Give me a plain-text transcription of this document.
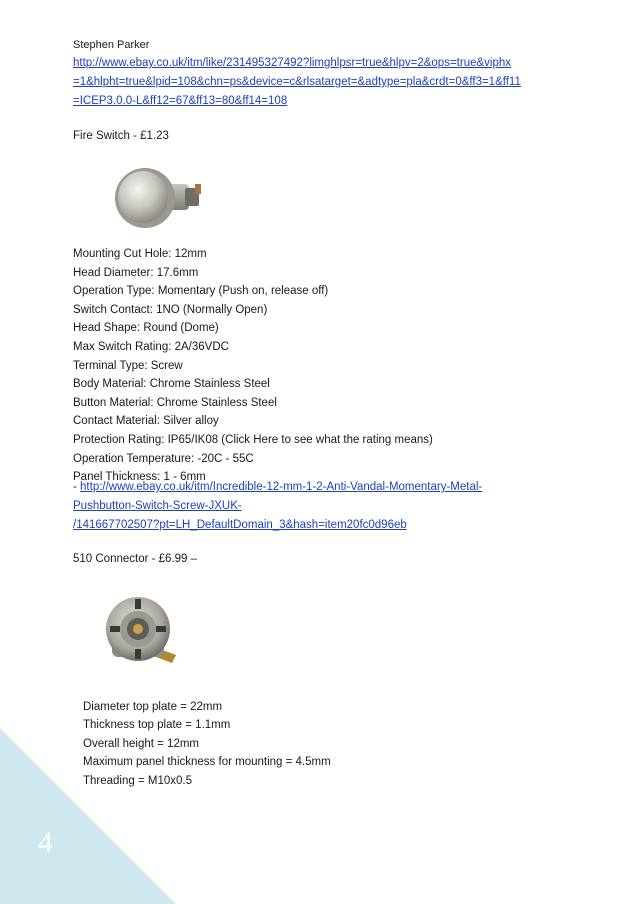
4
Stephen Parker
http://www.ebay.co.uk/itm/like/231495327492?limghlpsr=true&hlpv=2&ops=true&viphx
=1&hlpht=true&lpid=108&chn=ps&device=c&rlsatarget=&adtype=pla&crdt=0&ff3=1&ff11
=ICEP3.0.0-L&ff12=67&ff13=80&ff14=108
Fire Switch - £1.23
Mounting Cut Hole: 12mm
Head Diameter: 17.6mm
Operation Type: Momentary (Push on, release off)
Switch Contact: 1NO (Normally Open)
Head Shape: Round (Dome)
Max Switch Rating: 2A/36VDC
Terminal Type: Screw
Body Material: Chrome Stainless Steel
Button Material: Chrome Stainless Steel
Contact Material: Silver alloy
Protection Rating: IP65/IK08 (Click Here to see what the rating means)
Operation Temperature: -20C - 55C
Panel Thickness: 1 - 6mm
- http://www.ebay.co.uk/itm/Incredible-12-mm-1-2-Anti-Vandal-Momentary-Metal-
Pushbutton-Switch-Screw-JXUK-
/141667702507?pt=LH_DefaultDomain_3&hash=item20fc0d96eb
510 Connector - £6.99 –
Diameter top plate = 22mm
Thickness top plate = 1.1mm
Overall height = 12mm
Maximum panel thickness for mounting = 4.5mm
Threading = M10x0.5
